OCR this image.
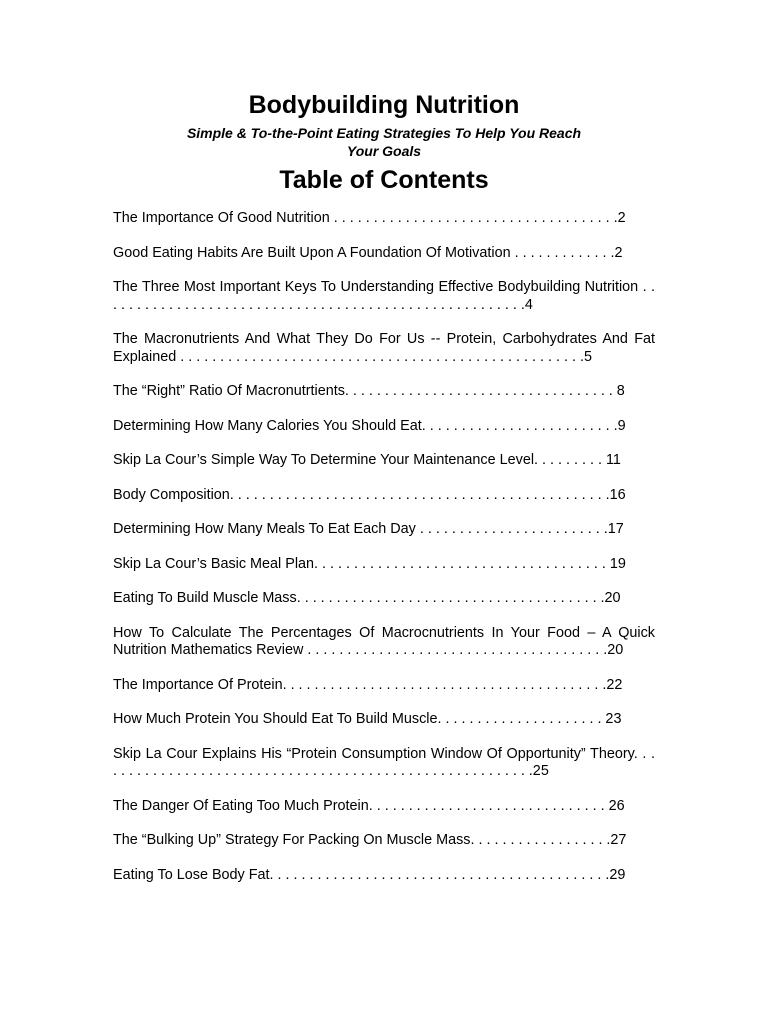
Bodybuilding Nutrition
Simple & To-the-Point Eating Strategies To Help You Reach Your Goals
Table of Contents
The Importance Of Good Nutrition . . . . . . . . . . . . . . . . . . . . . . . . . . . . . . . . . . . .2
Good Eating Habits Are Built Upon A Foundation Of Motivation . . . . . . . . . . . . .2
The Three Most Important Keys To Understanding Effective Bodybuilding Nutrition . . . . . . . . . . . . . . . . . . . . . . . . . . . . . . . . . . . . . . . . . . . . . . . . . . . . . .4
The Macronutrients And What They Do For Us -- Protein, Carbohydrates And Fat Explained . . . . . . . . . . . . . . . . . . . . . . . . . . . . . . . . . . . . . . . . . . . . . . . . . . .5
The “Right” Ratio Of Macronutrtients. . . . . . . . . . . . . . . . . . . . . . . . . . . . . . . . . . 8
Determining How Many Calories You Should Eat. . . . . . . . . . . . . . . . . . . . . . . . .9
Skip La Cour’s Simple Way To Determine Your Maintenance Level. . . . . . . . . 11
Body Composition. . . . . . . . . . . . . . . . . . . . . . . . . . . . . . . . . . . . . . . . . . . . . . . .16
Determining How Many Meals To Eat Each Day . . . . . . . . . . . . . . . . . . . . . . . .17
Skip La Cour’s Basic Meal Plan. . . . . . . . . . . . . . . . . . . . . . . . . . . . . . . . . . . . . 19
Eating To Build Muscle Mass. . . . . . . . . . . . . . . . . . . . . . . . . . . . . . . . . . . . . . .20
How To Calculate The Percentages Of Macrocnutrients In Your Food – A Quick Nutrition Mathematics Review . . . . . . . . . . . . . . . . . . . . . . . . . . . . . . . . . . . . . .20
The Importance Of Protein. . . . . . . . . . . . . . . . . . . . . . . . . . . . . . . . . . . . . . . . .22
How Much Protein You Should Eat To Build Muscle. . . . . . . . . . . . . . . . . . . . . 23
Skip La Cour Explains His “Protein Consumption Window Of Opportunity” Theory. . . . . . . . . . . . . . . . . . . . . . . . . . . . . . . . . . . . . . . . . . . . . . . . . . . . . . . .25
The Danger Of Eating Too Much Protein. . . . . . . . . . . . . . . . . . . . . . . . . . . . . . 26
The “Bulking Up” Strategy For Packing On Muscle Mass. . . . . . . . . . . . . . . . . .27
Eating To Lose Body Fat. . . . . . . . . . . . . . . . . . . . . . . . . . . . . . . . . . . . . . . . . . .29
